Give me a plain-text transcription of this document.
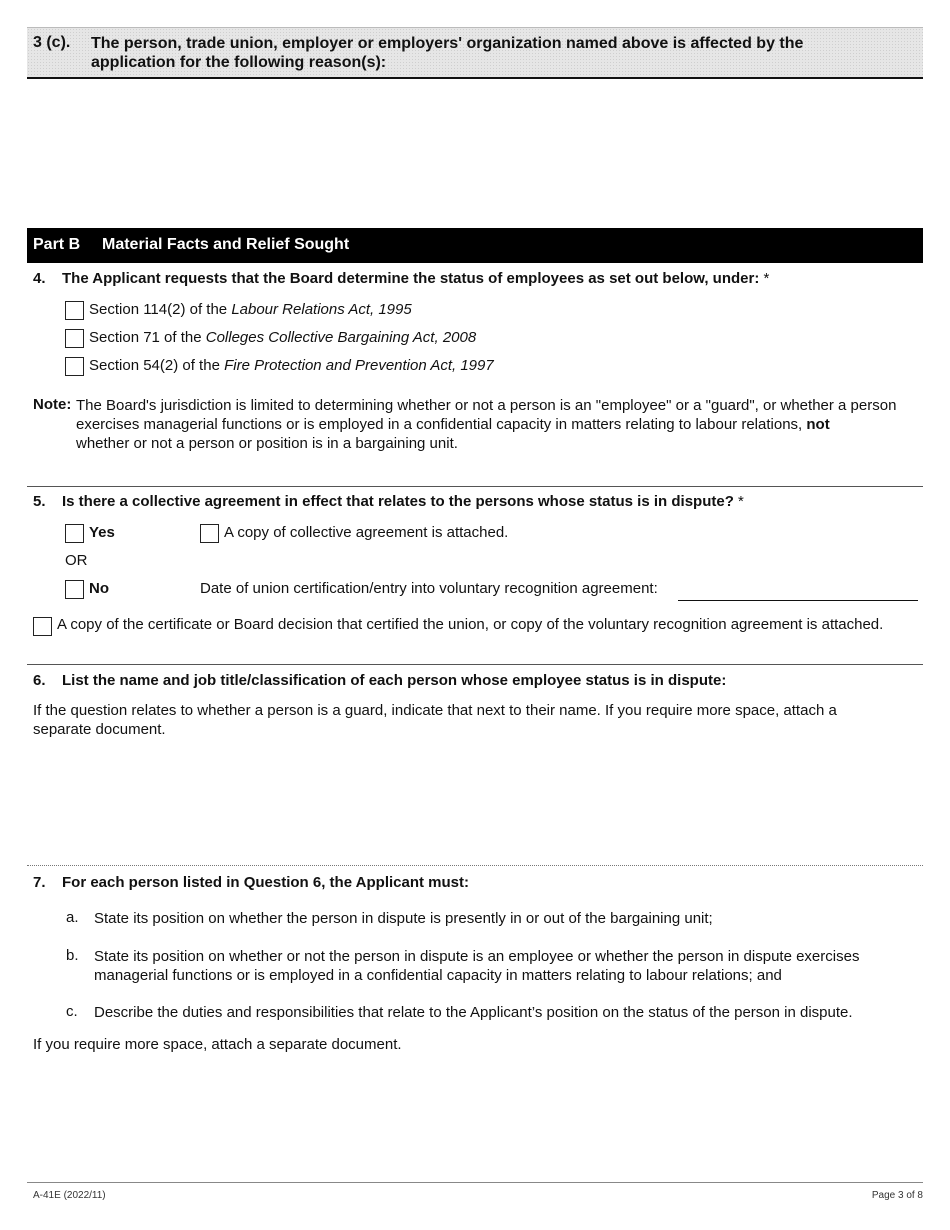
3 (c). The person, trade union, employer or employers' organization named above is affected by the application for the following reason(s):
Part B Material Facts and Relief Sought
4. The Applicant requests that the Board determine the status of employees as set out below, under: *
Section 114(2) of the Labour Relations Act, 1995
Section 71 of the Colleges Collective Bargaining Act, 2008
Section 54(2) of the Fire Protection and Prevention Act, 1997
Note: The Board's jurisdiction is limited to determining whether or not a person is an "employee" or a "guard", or whether a person exercises managerial functions or is employed in a confidential capacity in matters relating to labour relations, not
whether or not a person or position is in a bargaining unit.
5. Is there a collective agreement in effect that relates to the persons whose status is in dispute? *
Yes	A copy of collective agreement is attached.
OR
No	Date of union certification/entry into voluntary recognition agreement:
A copy of the certificate or Board decision that certified the union, or copy of the voluntary recognition agreement is attached.
6. List the name and job title/classification of each person whose employee status is in dispute:
If the question relates to whether a person is a guard, indicate that next to their name. If you require more space, attach a separate document.
7. For each person listed in Question 6, the Applicant must:
a. State its position on whether the person in dispute is presently in or out of the bargaining unit;
b. State its position on whether or not the person in dispute is an employee or whether the person in dispute exercises managerial functions or is employed in a confidential capacity in matters relating to labour relations; and
c. Describe the duties and responsibilities that relate to the Applicant’s position on the status of the person in dispute.
If you require more space, attach a separate document.
A-41E (2022/11)	Page 3 of 8
